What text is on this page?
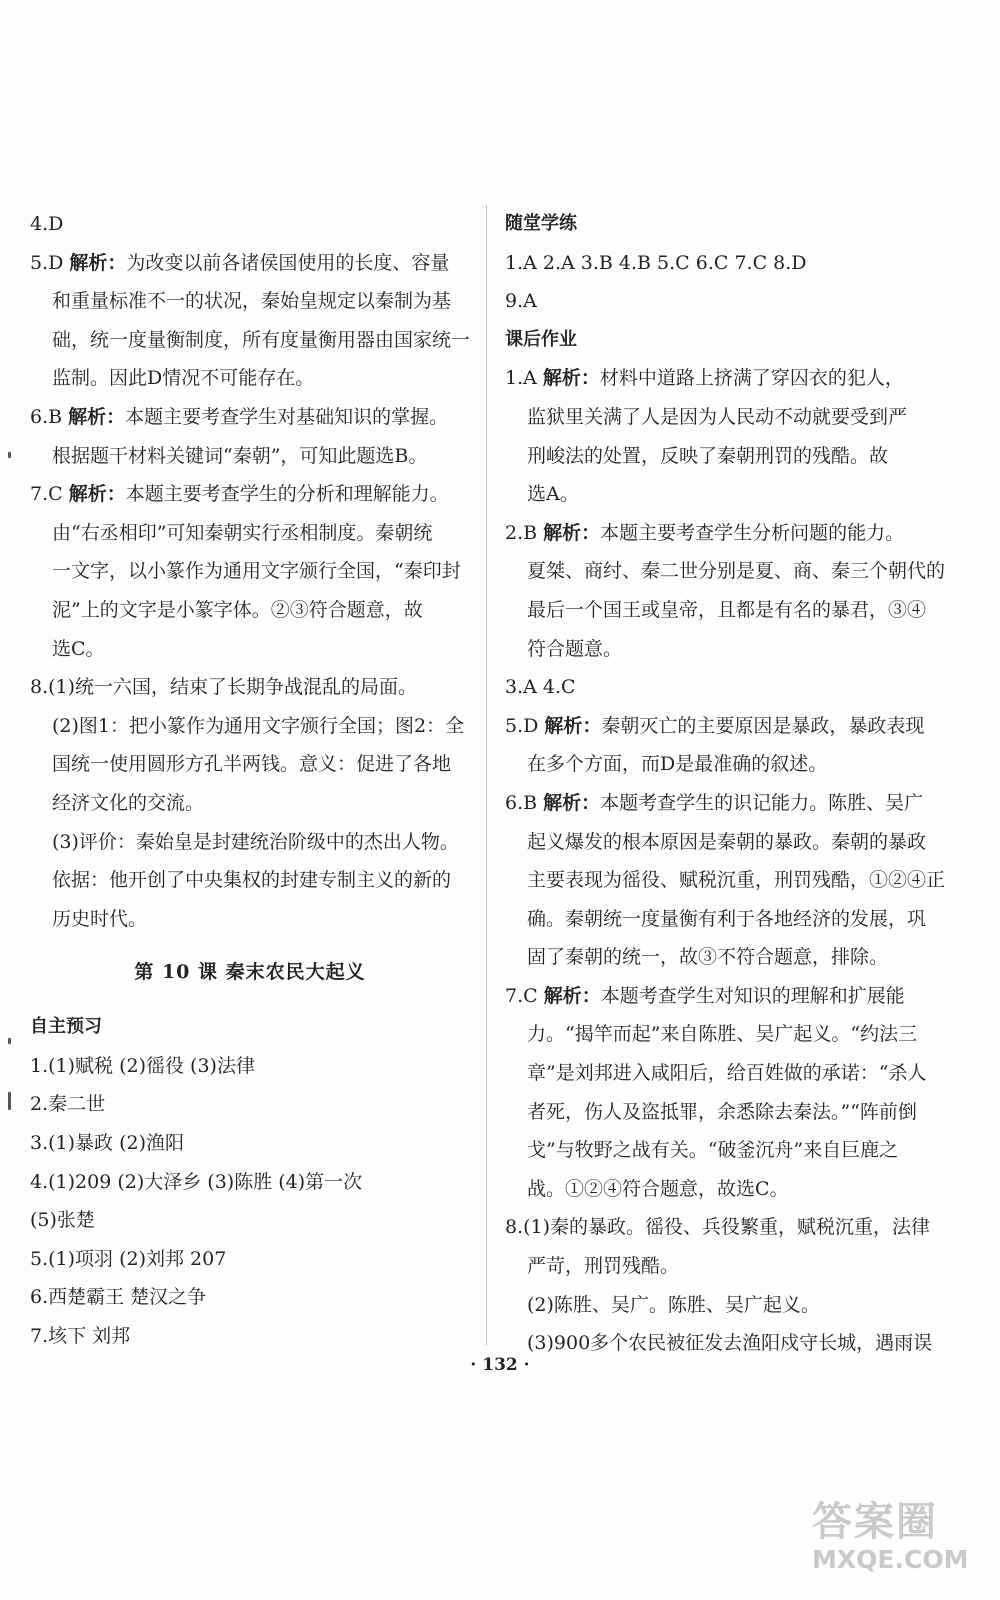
4.D
5.D 解析：为改变以前各诸侯国使用的长度、容量
和重量标准不一的状况，秦始皇规定以秦制为基
础，统一度量衡制度，所有度量衡用器由国家统一
监制。因此D情况不可能存在。
6.B 解析：本题主要考查学生对基础知识的掌握。
根据题干材料关键词“秦朝”，可知此题选B。
7.C 解析：本题主要考查学生的分析和理解能力。
由“右丞相印”可知秦朝实行丞相制度。秦朝统
一文字，以小篆作为通用文字颁行全国，“秦印封
泥”上的文字是小篆字体。②③符合题意，故
选C。
8.(1)统一六国，结束了长期争战混乱的局面。
(2)图1：把小篆作为通用文字颁行全国；图2：全
国统一使用圆形方孔半两钱。意义：促进了各地
经济文化的交流。
(3)评价：秦始皇是封建统治阶级中的杰出人物。
依据：他开创了中央集权的封建专制主义的新的
历史时代。
第 10 课 秦末农民大起义
自主预习
1.(1)赋税 (2)徭役 (3)法律
2.秦二世
3.(1)暴政 (2)渔阳
4.(1)209 (2)大泽乡 (3)陈胜 (4)第一次
(5)张楚
5.(1)项羽 (2)刘邦 207
6.西楚霸王 楚汉之争
7.垓下 刘邦
随堂学练
1.A 2.A 3.B 4.B 5.C 6.C 7.C 8.D
9.A
课后作业
1.A 解析：材料中道路上挤满了穿囚衣的犯人，
监狱里关满了人是因为人民动不动就要受到严
刑峻法的处置，反映了秦朝刑罚的残酷。故
选A。
2.B 解析：本题主要考查学生分析问题的能力。
夏桀、商纣、秦二世分别是夏、商、秦三个朝代的
最后一个国王或皇帝，且都是有名的暴君，③④
符合题意。
3.A 4.C
5.D 解析：秦朝灭亡的主要原因是暴政，暴政表现
在多个方面，而D是最准确的叙述。
6.B 解析：本题考查学生的识记能力。陈胜、吴广
起义爆发的根本原因是秦朝的暴政。秦朝的暴政
主要表现为徭役、赋税沉重，刑罚残酷，①②④正
确。秦朝统一度量衡有利于各地经济的发展，巩
固了秦朝的统一，故③不符合题意，排除。
7.C 解析：本题考查学生对知识的理解和扩展能
力。“揭竿而起”来自陈胜、吴广起义。“约法三
章”是刘邦进入咸阳后，给百姓做的承诺：“杀人
者死，伤人及盗抵罪，余悉除去秦法。”“阵前倒
戈”与牧野之战有关。“破釜沉舟”来自巨鹿之
战。①②④符合题意，故选C。
8.(1)秦的暴政。徭役、兵役繁重，赋税沉重，法律
严苛，刑罚残酷。
(2)陈胜、吴广。陈胜、吴广起义。
(3)900多个农民被征发去渔阳戍守长城，遇雨误
· 132 ·
答案圈
MXQE.COM
